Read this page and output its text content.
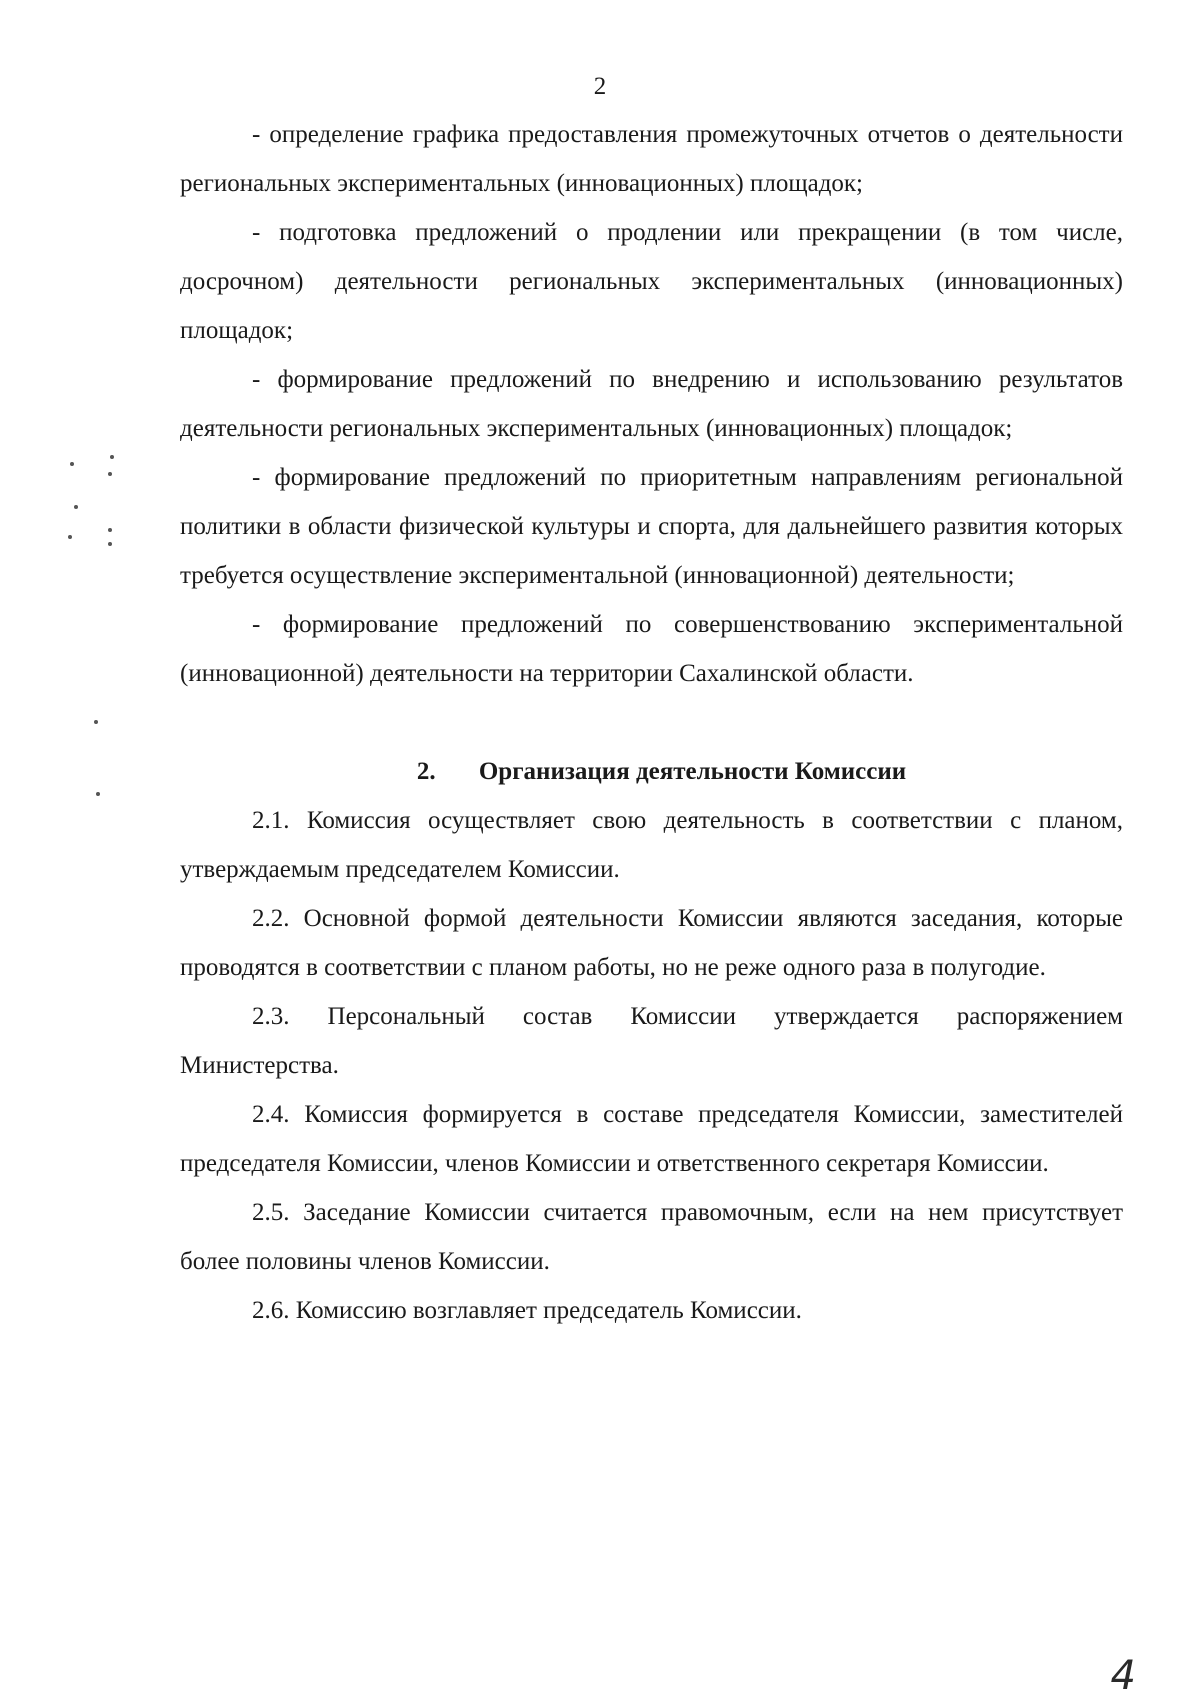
2

- определение графика предоставления промежуточных отчетов о деятельности региональных экспериментальных (инновационных) площадок;

- подготовка предложений о продлении или прекращении (в том числе, досрочном) деятельности региональных экспериментальных (инновационных) площадок;

- формирование предложений по внедрению и использованию результатов деятельности региональных экспериментальных (инновационных) площадок;

- формирование предложений по приоритетным направлениям региональной политики в области физической культуры и спорта, для дальнейшего развития которых требуется осуществление экспериментальной (инновационной) деятельности;

- формирование предложений по совершенствованию экспериментальной (инновационной) деятельности на территории Сахалинской области.

2. Организация деятельности Комиссии

2.1. Комиссия осуществляет свою деятельность в соответствии с планом, утверждаемым председателем Комиссии.

2.2. Основной формой деятельности Комиссии являются заседания, которые проводятся в соответствии с планом работы, но не реже одного раза в полугодие.

2.3. Персональный состав Комиссии утверждается распоряжением Министерства.

2.4. Комиссия формируется в составе председателя Комиссии, заместителей председателя Комиссии, членов Комиссии и ответственного секретаря Комиссии.

2.5. Заседание Комиссии считается правомочным, если на нем присутствует более половины членов Комиссии.

2.6. Комиссию возглавляет председатель Комиссии.

4
